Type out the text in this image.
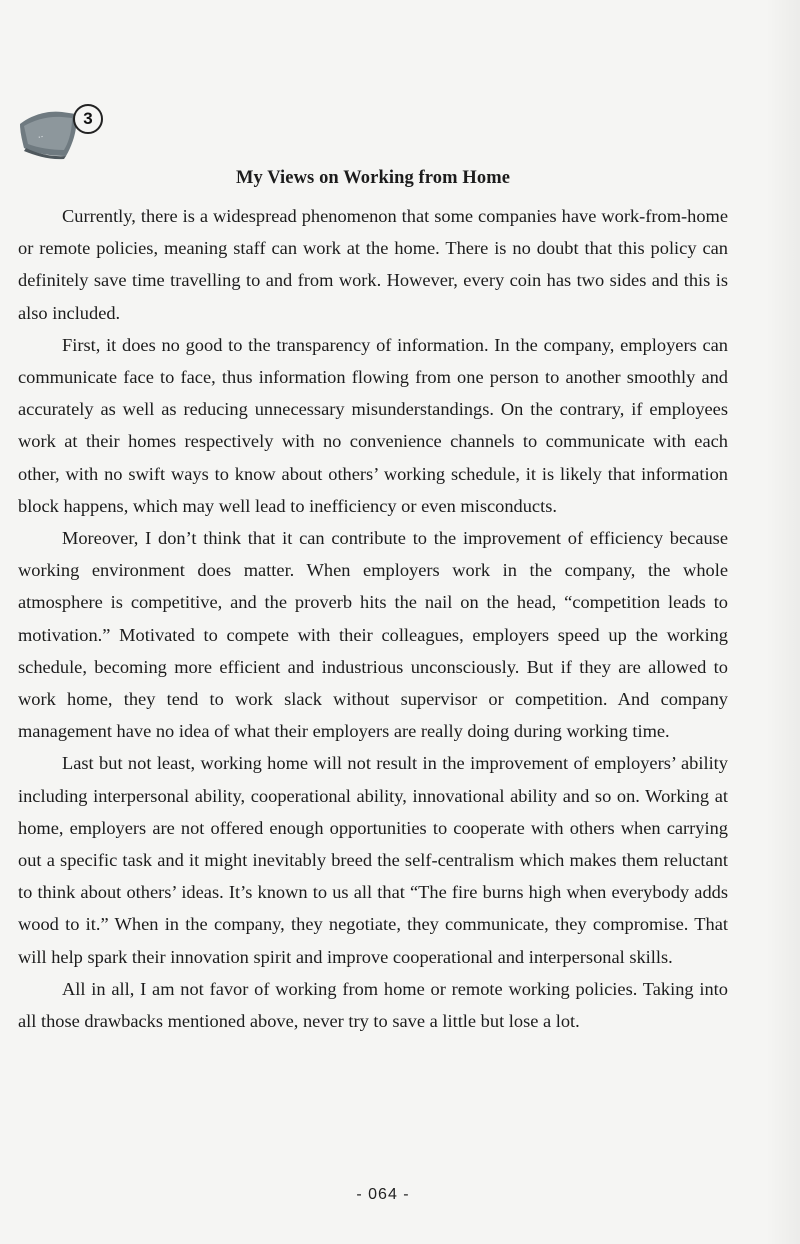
..
3
My Views on Working from Home

Currently, there is a widespread phenomenon that some companies have work-from-home or remote policies, meaning staff can work at the home. There is no doubt that this policy can definitely save time travelling to and from work. However, every coin has two sides and this is also included.

First, it does no good to the transparency of information. In the company, employers can communicate face to face, thus information flowing from one person to another smoothly and accurately as well as reducing unnecessary misunderstandings. On the contrary, if employees work at their homes respectively with no convenience channels to communicate with each other, with no swift ways to know about others’ working schedule, it is likely that information block happens, which may well lead to inefficiency or even misconducts.

Moreover, I don’t think that it can contribute to the improvement of efficiency because working environment does matter. When employers work in the company, the whole atmosphere is competitive, and the proverb hits the nail on the head, “competition leads to motivation.” Motivated to compete with their colleagues, employers speed up the working schedule, becoming more efficient and industrious unconsciously. But if they are allowed to work home, they tend to work slack without supervisor or competition. And company management have no idea of what their employers are really doing during working time.

Last but not least, working home will not result in the improvement of employers’ ability including interpersonal ability, cooperational ability, innovational ability and so on. Working at home, employers are not offered enough opportunities to cooperate with others when carrying out a specific task and it might inevitably breed the self-centralism which makes them reluctant to think about others’ ideas. It’s known to us all that “The fire burns high when everybody adds wood to it.” When in the company, they negotiate, they communicate, they compromise. That will help spark their innovation spirit and improve cooperational and interpersonal skills.

All in all, I am not favor of working from home or remote working policies. Taking into all those drawbacks mentioned above, never try to save a little but lose a lot.

- 064 -
